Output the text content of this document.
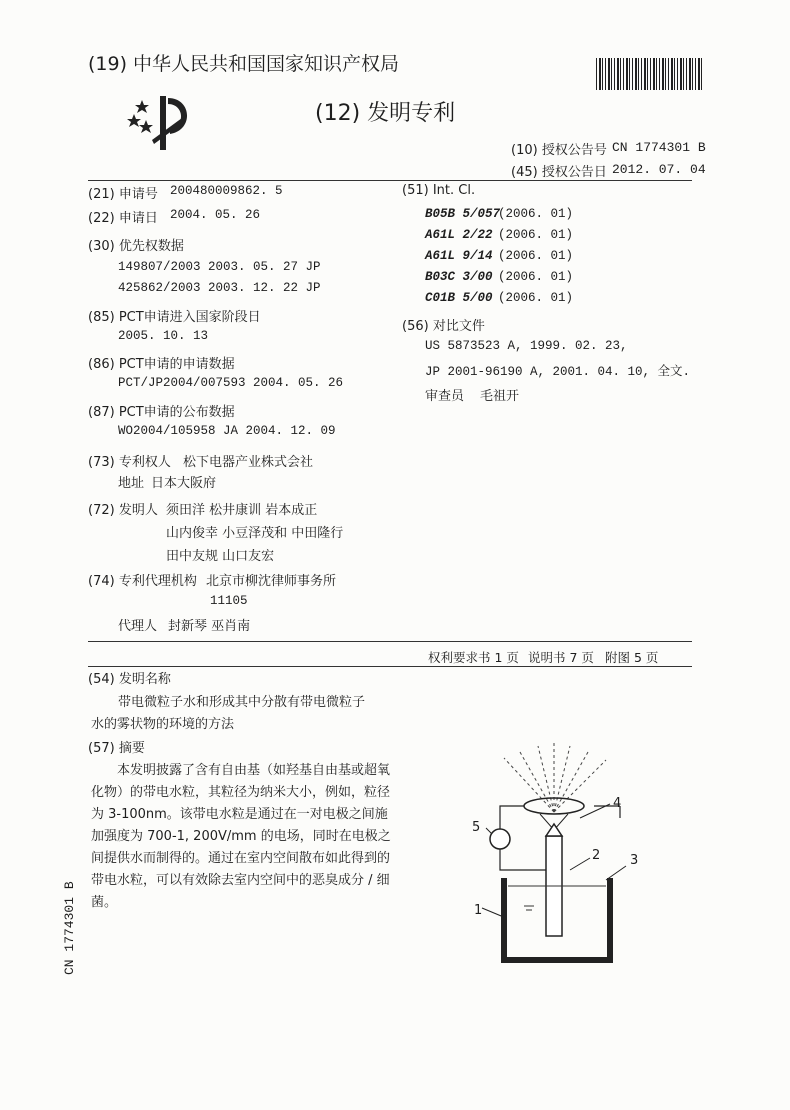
(19) 中华人民共和国国家知识产权局
(12) 发明专利
(10) 授权公告号 CN 1774301 B
(45) 授权公告日 2012. 07. 04
(21) 申请号 200480009862. 5
(22) 申请日 2004. 05. 26
(30) 优先权数据
149807/2003 2003. 05. 27 JP
425862/2003 2003. 12. 22 JP
(85) PCT申请进入国家阶段日
2005. 10. 13
(86) PCT申请的申请数据
PCT/JP2004/007593 2004. 05. 26
(87) PCT申请的公布数据
WO2004/105958 JA 2004. 12. 09
(73) 专利权人 松下电器产业株式会社
地址 日本大阪府
(72) 发明人 须田洋 松井康训 岩本成正
山内俊幸 小豆泽茂和 中田隆行
田中友规 山口友宏
(74) 专利代理机构 北京市柳沈律师事务所
11105
代理人 封新琴 巫肖南
(51) Int. Cl.
B05B 5/057
(2006. 01)
A61L 2/22 (2006. 01)
A61L 9/14 (2006. 01)
B03C 3/00 (2006. 01)
C01B 5/00 (2006. 01)
(56) 对比文件
US 5873523 A, 1999. 02. 23,
JP 2001-96190 A, 2001. 04. 10, 全文.
审查员 毛祖开
权利要求书 1 页 说明书 7 页 附图 5 页
(54) 发明名称
带电微粒子水和形成其中分散有带电微粒子
水的雾状物的环境的方法
(57) 摘要
本发明披露了含有自由基（如羟基自由基或超氧化物）的带电水粒，其粒径为纳米大小，例如，粒径为 3-100nm。该带电水粒是通过在一对电极之间施加强度为 700-1, 200V/mm 的电场，同时在电极之间提供水而制得的。通过在室内空间散布如此得到的带电水粒，可以有效除去室内空间中的恶臭成分 / 细菌。
1
2 3
4
5
CN 1774301 B
